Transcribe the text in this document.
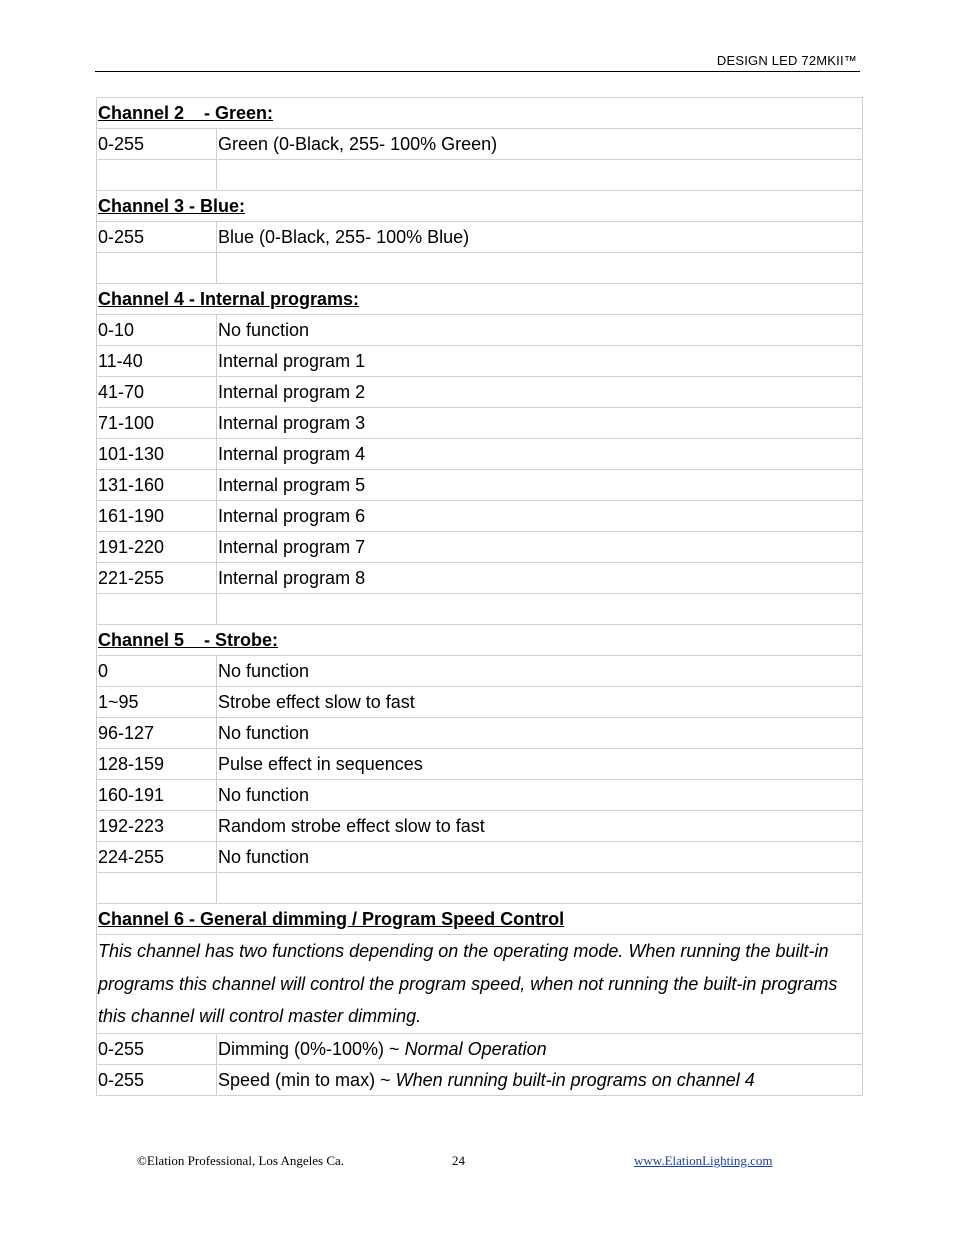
DESIGN LED 72MKII™
Channel 2    - Green:	
0-255	Green (0-Black, 255- 100% Green)

Channel 3 - Blue:	
0-255	Blue (0-Black, 255- 100% Blue)

Channel 4 - Internal programs:	
0-10	No function
11-40	Internal program 1
41-70	Internal program 2
71-100	Internal program 3
101-130	Internal program 4
131-160	Internal program 5
161-190	Internal program 6
191-220	Internal program 7
221-255	Internal program 8

Channel 5    - Strobe:	
0	No function
1~95	Strobe effect slow to fast
96-127	No function
128-159	Pulse effect in sequences
160-191	No function
192-223	Random strobe effect slow to fast
224-255	No function

Channel 6 - General dimming / Program Speed Control	
This channel has two functions depending on the operating mode. When running the built-in programs this channel will control the program speed, when not running the built-in programs this channel will control master dimming.	
0-255	Dimming (0%-100%) ~ Normal Operation
0-255	Speed (min to max) ~ When running built-in programs on channel 4
©Elation Professional, Los Angeles Ca.	24	www.ElationLighting.com
